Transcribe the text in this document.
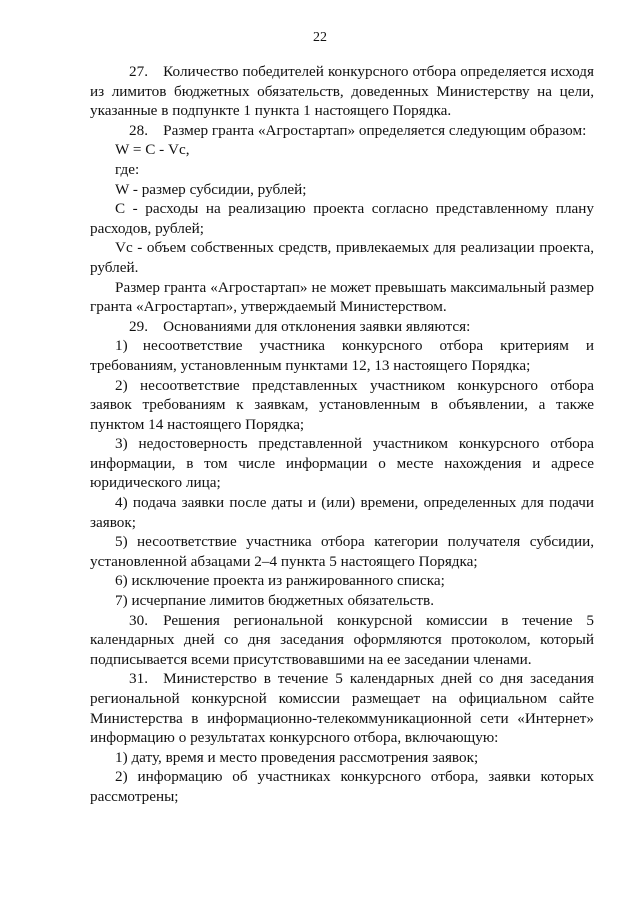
22

27. Количество победителей конкурсного отбора определяется исходя из лимитов бюджетных обязательств, доведенных Министерству на цели, указанные в подпункте 1 пункта 1 настоящего Порядка.

28. Размер гранта «Агростартап» определяется следующим образом:

W = С - Vc,

где:

W - размер субсидии, рублей;

C - расходы на реализацию проекта согласно представленному плану расходов, рублей;

Vc - объем собственных средств, привлекаемых для реализации проекта, рублей.

Размер гранта «Агростартап» не может превышать максимальный размер гранта «Агростартап», утверждаемый Министерством.

29. Основаниями для отклонения заявки являются:

1) несоответствие участника конкурсного отбора критериям и требованиям, установленным пунктами 12, 13 настоящего Порядка;

2) несоответствие представленных участником конкурсного отбора заявок требованиям к заявкам, установленным в объявлении, а также пунктом 14 настоящего Порядка;

3) недостоверность представленной участником конкурсного отбора информации, в том числе информации о месте нахождения и адресе юридического лица;

4) подача заявки после даты и (или) времени, определенных для подачи заявок;

5) несоответствие участника отбора категории получателя субсидии, установленной абзацами 2–4 пункта 5 настоящего Порядка;

6) исключение проекта из ранжированного списка;

7) исчерпание лимитов бюджетных обязательств.

30. Решения региональной конкурсной комиссии в течение 5 календарных дней со дня заседания оформляются протоколом, который подписывается всеми присутствовавшими на ее заседании членами.

31. Министерство в течение 5 календарных дней со дня заседания региональной конкурсной комиссии размещает на официальном сайте Министерства в информационно-телекоммуникационной сети «Интернет» информацию о результатах конкурсного отбора, включающую:

1) дату, время и место проведения рассмотрения заявок;

2) информацию об участниках конкурсного отбора, заявки которых рассмотрены;
